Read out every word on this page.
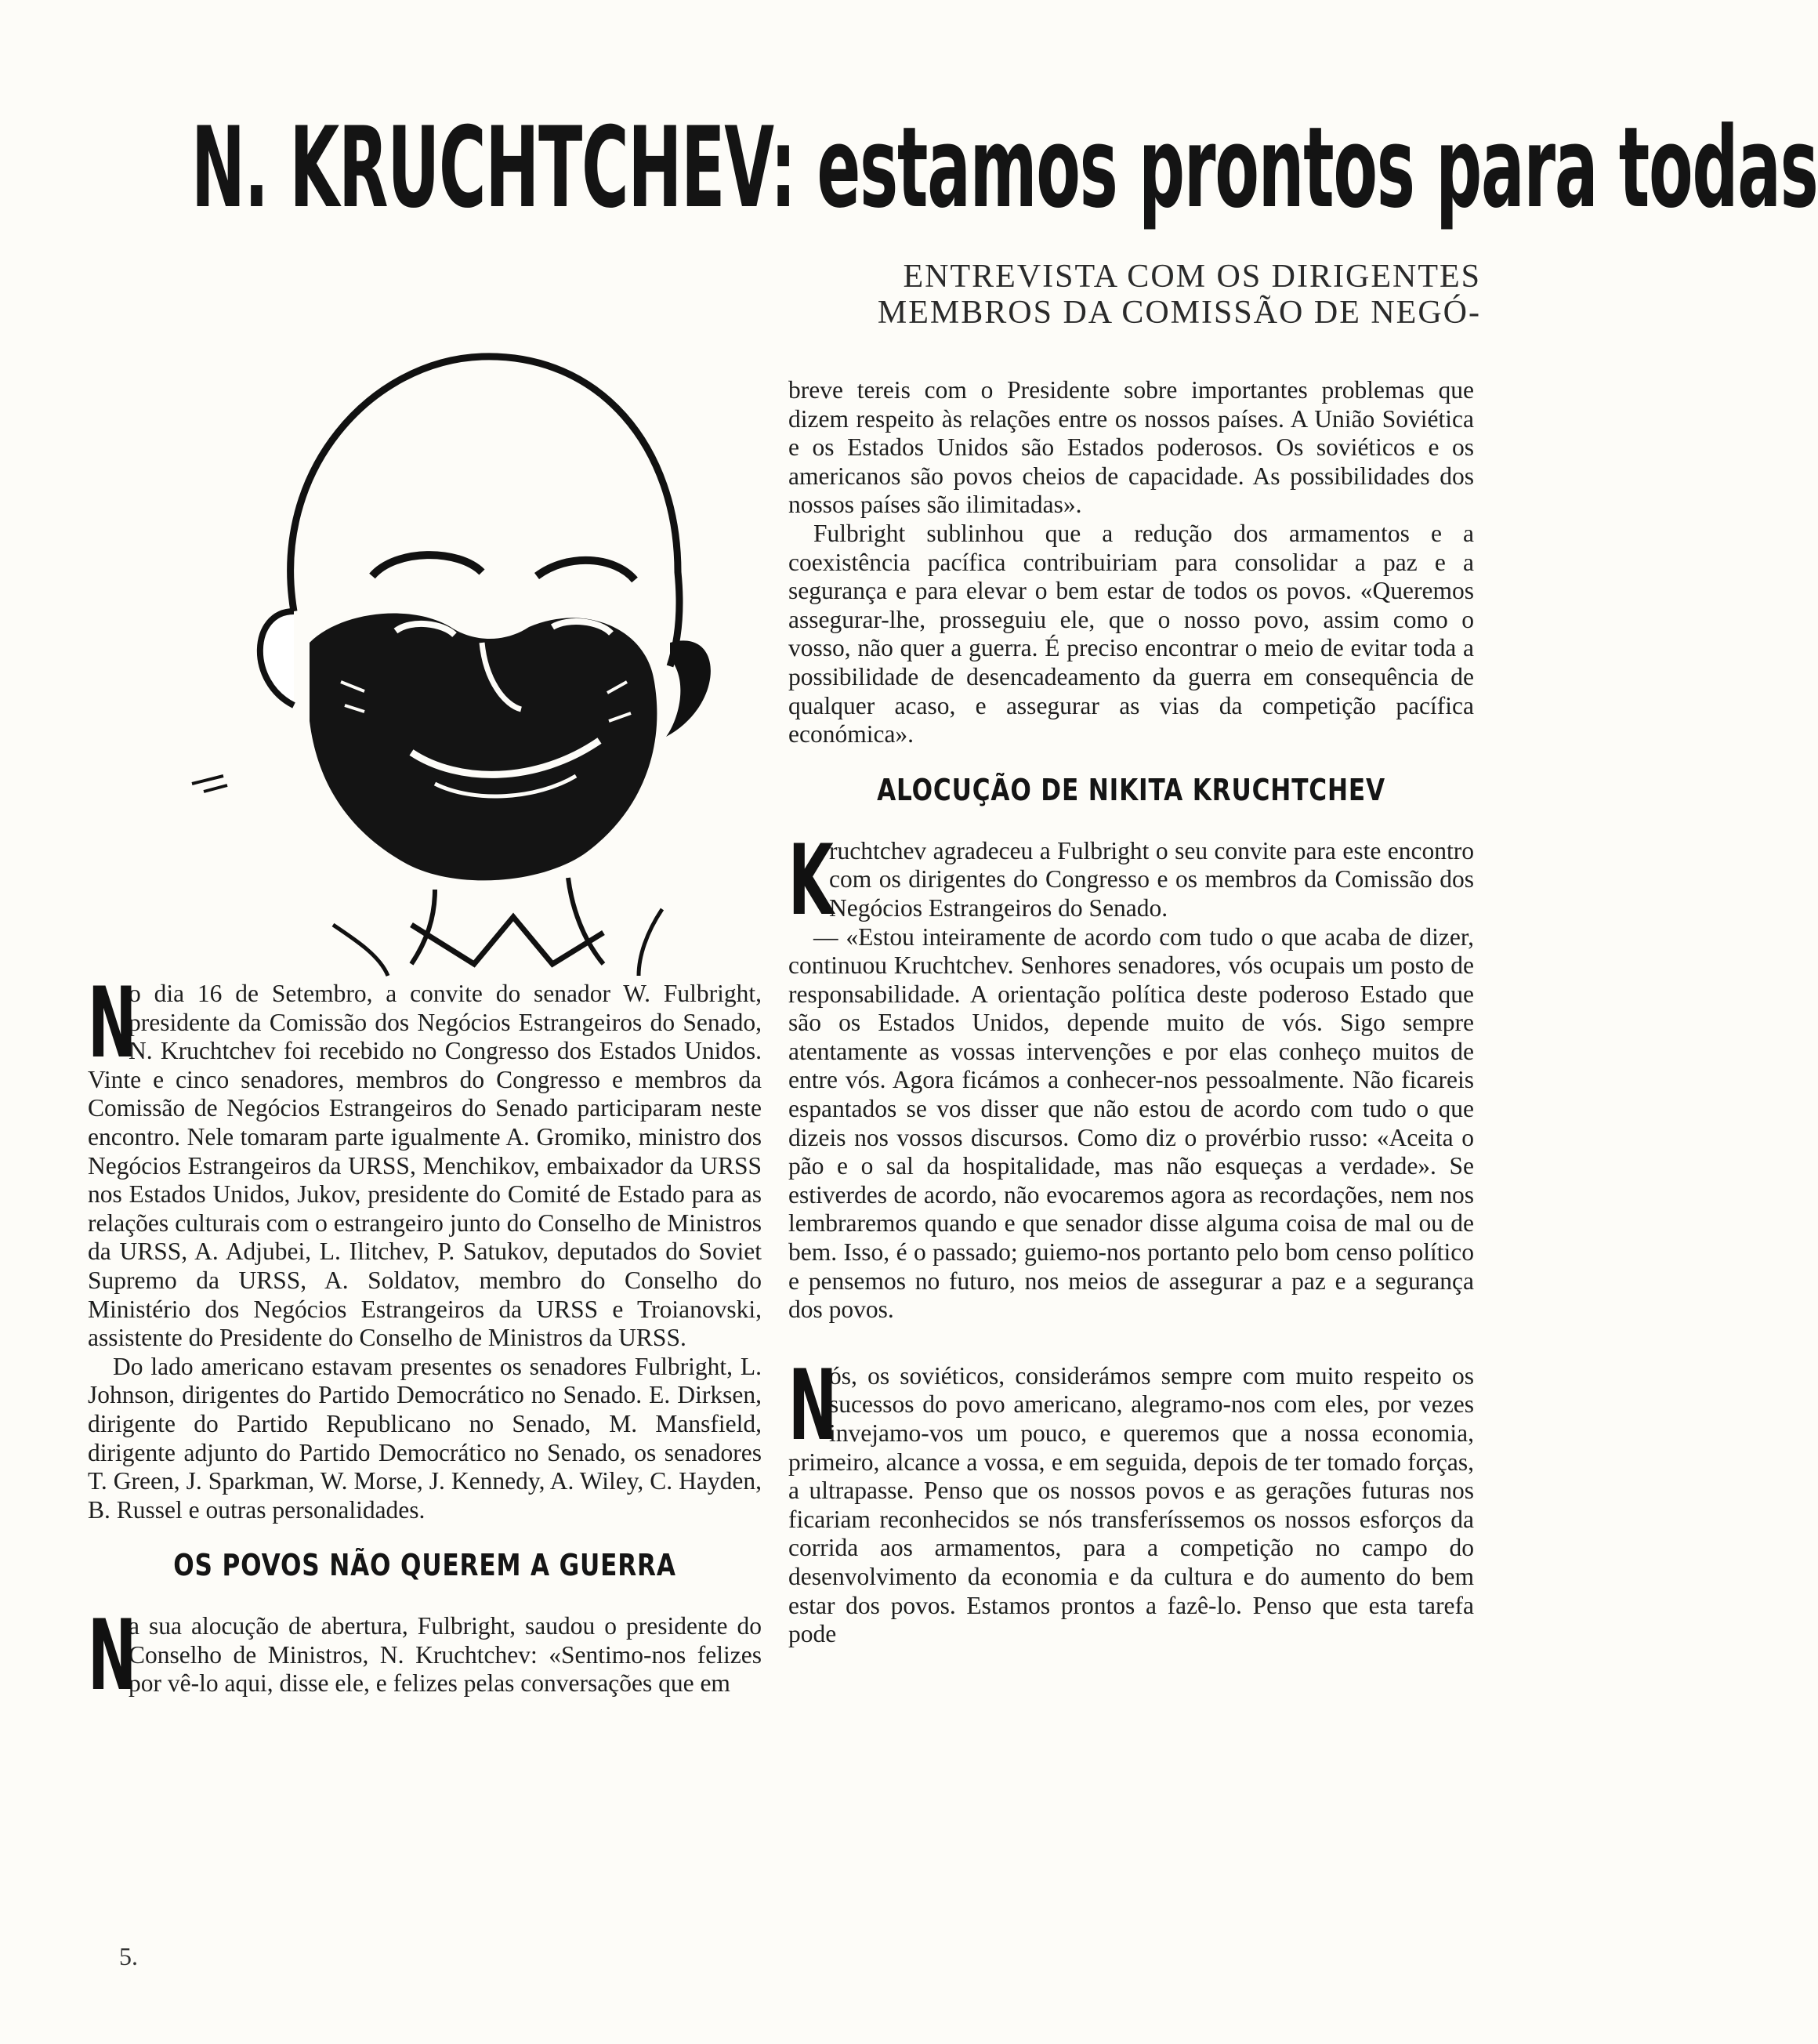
N. KRUCHTCHEV: estamos prontos para todas
ENTREVISTA COM OS DIRIGENTES
MEMBROS DA COMISSÃO DE NEGÓ-

N
o dia 16 de Setembro, a convite do senador W. Fulbright, presidente da Comissão dos Negócios Estrangeiros do Senado, N. Kruchtchev foi recebido no Congresso dos Estados Unidos. Vinte e cinco senadores, membros do Congresso e membros da Comissão de Negócios Estrangeiros do Senado participaram neste encontro. Nele tomaram parte igualmente A. Gromiko, ministro dos Negócios Estrangeiros da URSS, Menchikov, embaixador da URSS nos Estados Unidos, Jukov, presidente do Comité de Estado para as relações culturais com o estrangeiro junto do Conselho de Ministros da URSS, A. Adjubei, L. Ilitchev, P. Satukov, deputados do Soviet Supremo da URSS, A. Soldatov, membro do Conselho do Ministério dos Negócios Estrangeiros da URSS e Troianovski, assistente do Presidente do Conselho de Ministros da URSS.

Do lado americano estavam presentes os senadores Fulbright, L. Johnson, dirigentes do Partido Democrático no Senado. E. Dirksen, dirigente do Partido Republicano no Senado, M. Mansfield, dirigente adjunto do Partido Democrático no Senado, os senadores T. Green, J. Sparkman, W. Morse, J. Kennedy, A. Wiley, C. Hayden, B. Russel e outras personalidades.

OS POVOS NÃO QUEREM A GUERRA

N
a sua alocução de abertura, Fulbright, saudou o presidente do Conselho de Ministros, N. Kruchtchev: «Sentimo-nos felizes por vê-lo aqui, disse ele, e felizes pelas conversações que em

breve tereis com o Presidente sobre importantes problemas que dizem respeito às relações entre os nossos países. A União Soviética e os Estados Unidos são Estados poderosos. Os soviéticos e os americanos são povos cheios de capacidade. As possibilidades dos nossos países são ilimitadas».

Fulbright sublinhou que a redução dos armamentos e a coexistência pacífica contribuiriam para consolidar a paz e a segurança e para elevar o bem estar de todos os povos. «Queremos assegurar-lhe, prosseguiu ele, que o nosso povo, assim como o vosso, não quer a guerra. É preciso encontrar o meio de evitar toda a possibilidade de desencadeamento da guerra em consequência de qualquer acaso, e assegurar as vias da competição pacífica económica».

ALOCUÇÃO DE NIKITA KRUCHTCHEV

K
ruchtchev agradeceu a Fulbright o seu convite para este encontro com os dirigentes do Congresso e os membros da Comissão dos Negócios Estrangeiros do Senado.

— «Estou inteiramente de acordo com tudo o que acaba de dizer, continuou Kruchtchev. Senhores senadores, vós ocupais um posto de responsabilidade. A orientação política deste poderoso Estado que são os Estados Unidos, depende muito de vós. Sigo sempre atentamente as vossas intervenções e por elas conheço muitos de entre vós. Agora ficámos a conhecer-nos pessoalmente. Não ficareis espantados se vos disser que não estou de acordo com tudo o que dizeis nos vossos discursos. Como diz o provérbio russo: «Aceita o pão e o sal da hospitalidade, mas não esqueças a verdade». Se estiverdes de acordo, não evocaremos agora as recordações, nem nos lembraremos quando e que senador disse alguma coisa de mal ou de bem. Isso, é o passado; guiemo-nos portanto pelo bom censo político e pensemos no futuro, nos meios de assegurar a paz e a segurança dos povos.

N
ós, os soviéticos, considerámos sempre com muito respeito os sucessos do povo americano, alegramo-nos com eles, por vezes invejamo-vos um pouco, e queremos que a nossa economia, primeiro, alcance a vossa, e em seguida, depois de ter tomado forças, a ultrapasse. Penso que os nossos povos e as gerações futuras nos ficariam reconhecidos se nós transferíssemos os nossos esforços da corrida aos armamentos, para a competição no campo do desenvolvimento da economia e da cultura e do aumento do bem estar dos povos. Estamos prontos a fazê-lo. Penso que esta tarefa pode

5.
